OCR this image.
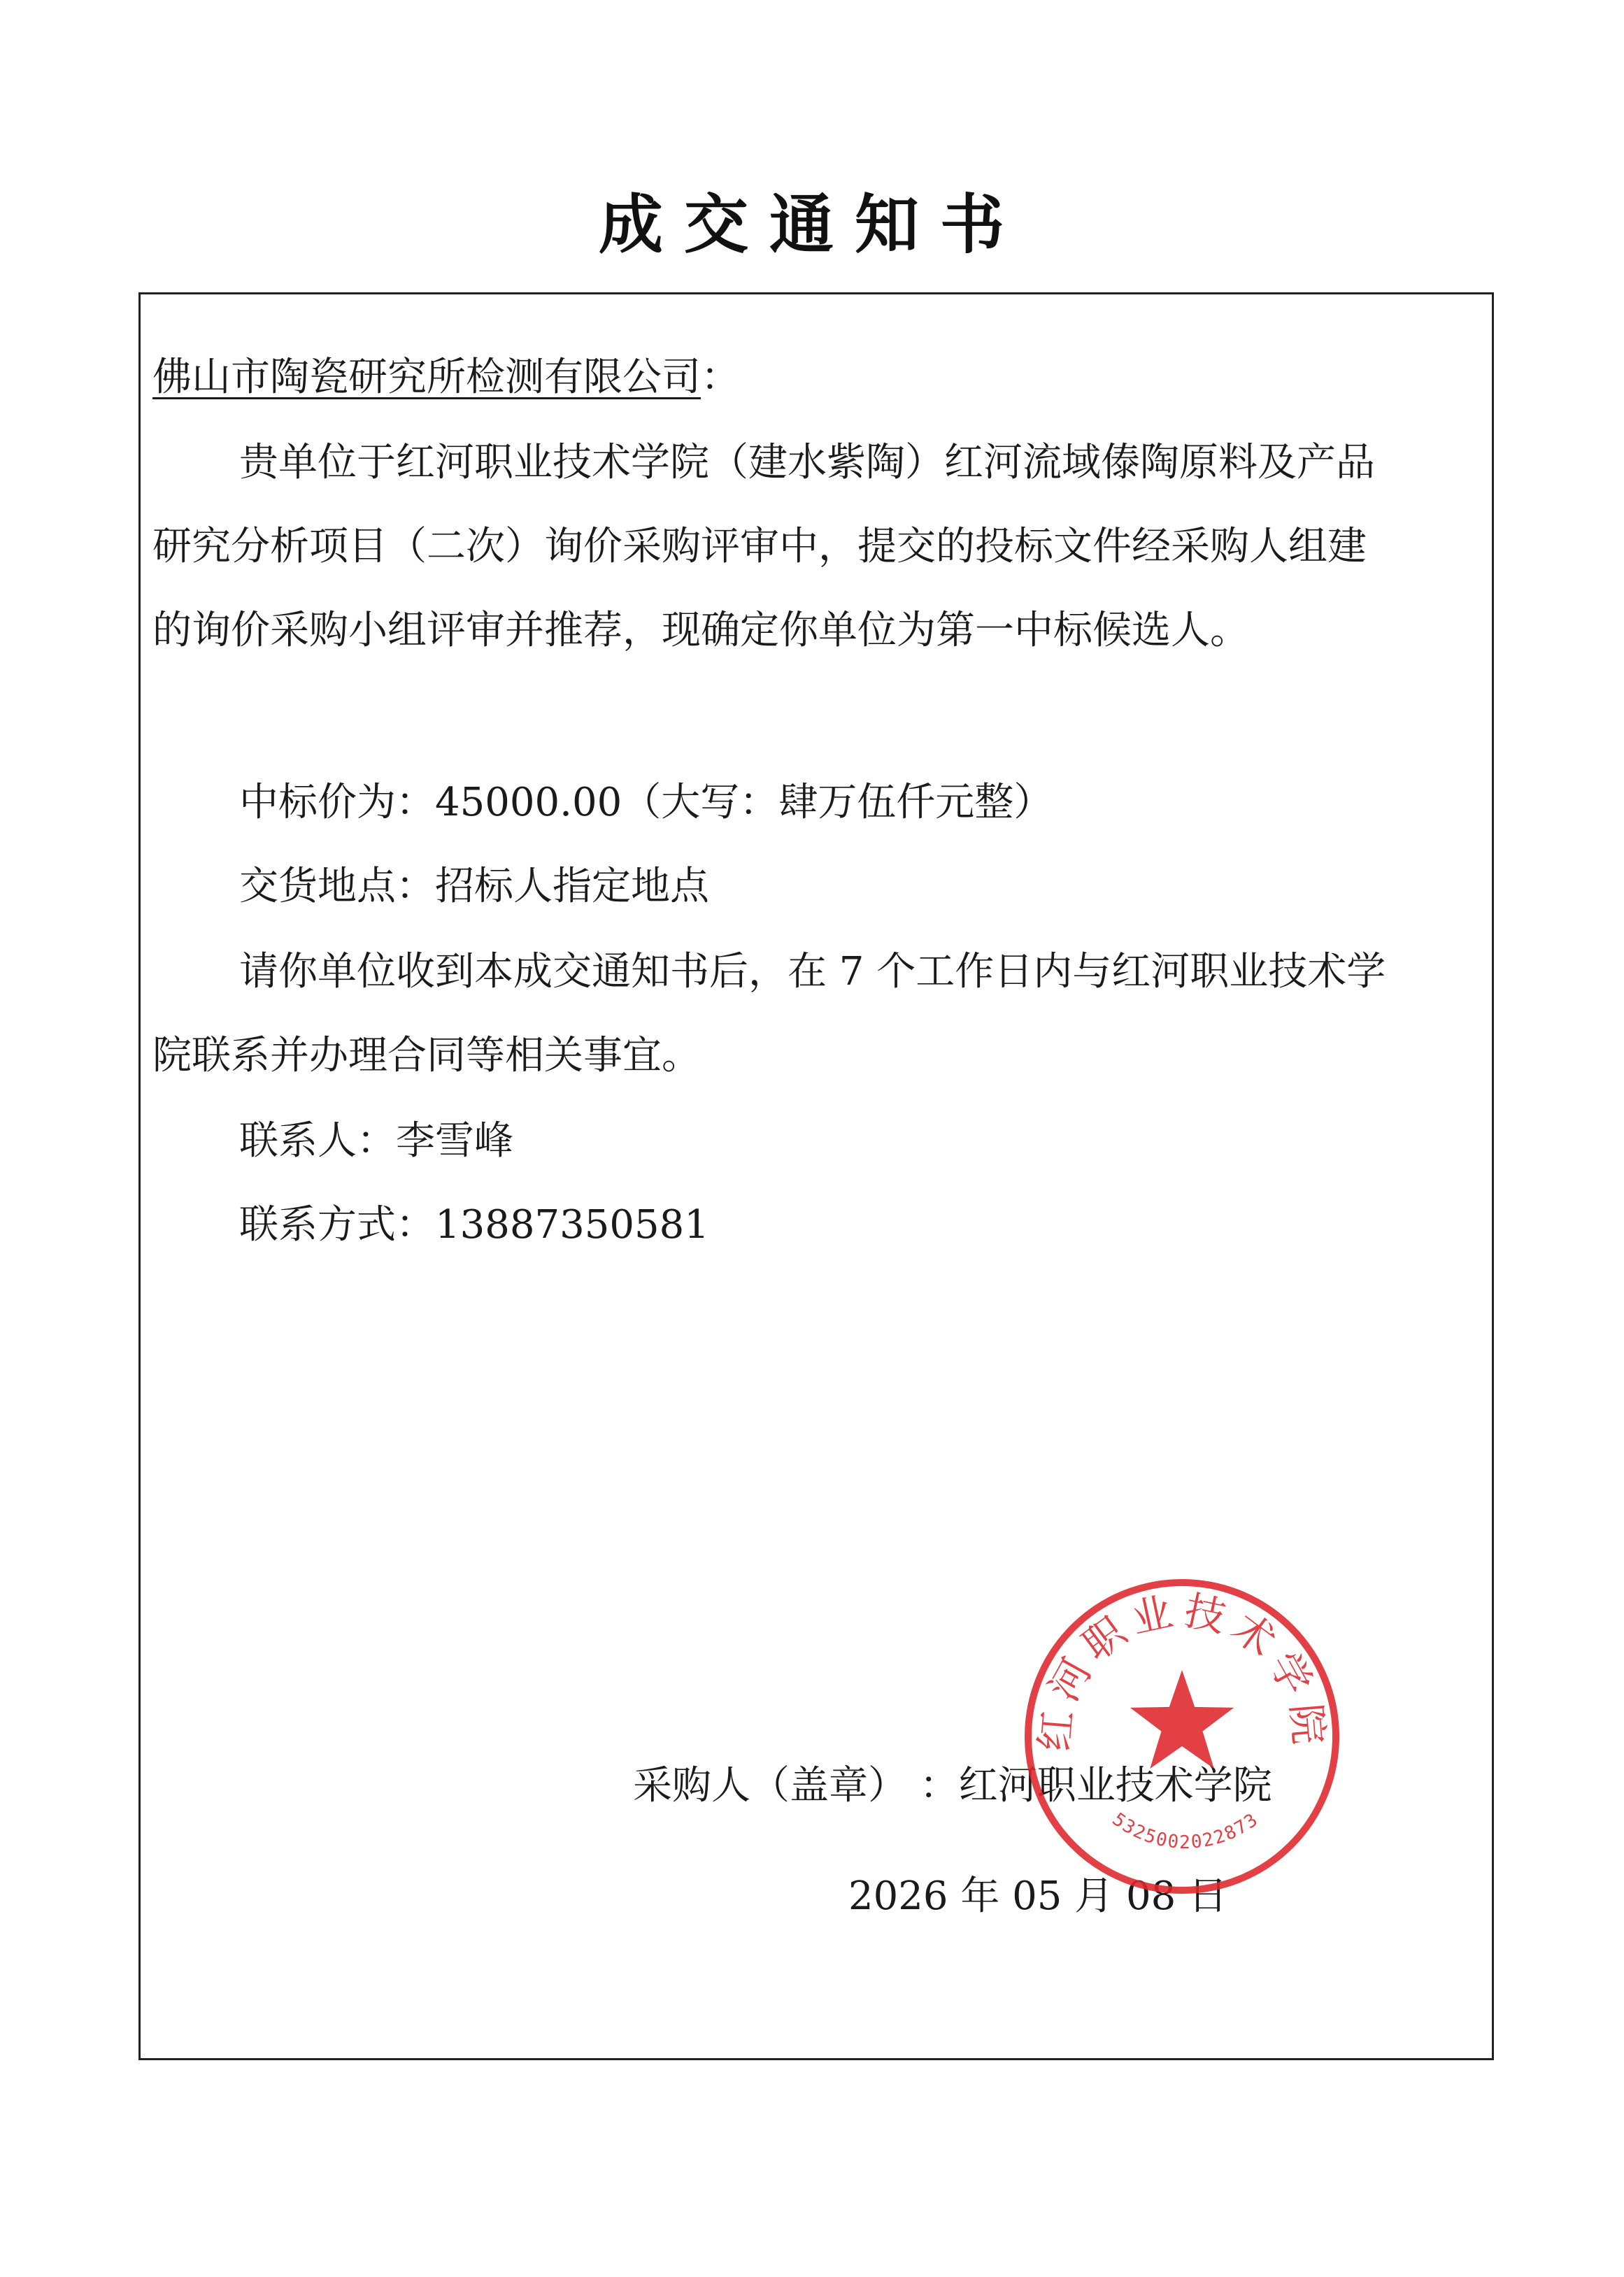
成交通知书
佛山市陶瓷研究所检测有限公司：
贵单位于红河职业技术学院（建水紫陶）红河流域傣陶原料及产品
研究分析项目（二次）询价采购评审中，提交的投标文件经采购人组建
的询价采购小组评审并推荐，现确定你单位为第一中标候选人。
中标价为：45000.00（大写：肆万伍仟元整）
交货地点：招标人指定地点
请你单位收到本成交通知书后，在 7 个工作日内与红河职业技术学
院联系并办理合同等相关事宜。
联系人：李雪峰
联系方式：13887350581
采购人（盖章） ：红河职业技术学院
2026 年 05 月 08 日
红河职业技术学院
5325002022873
